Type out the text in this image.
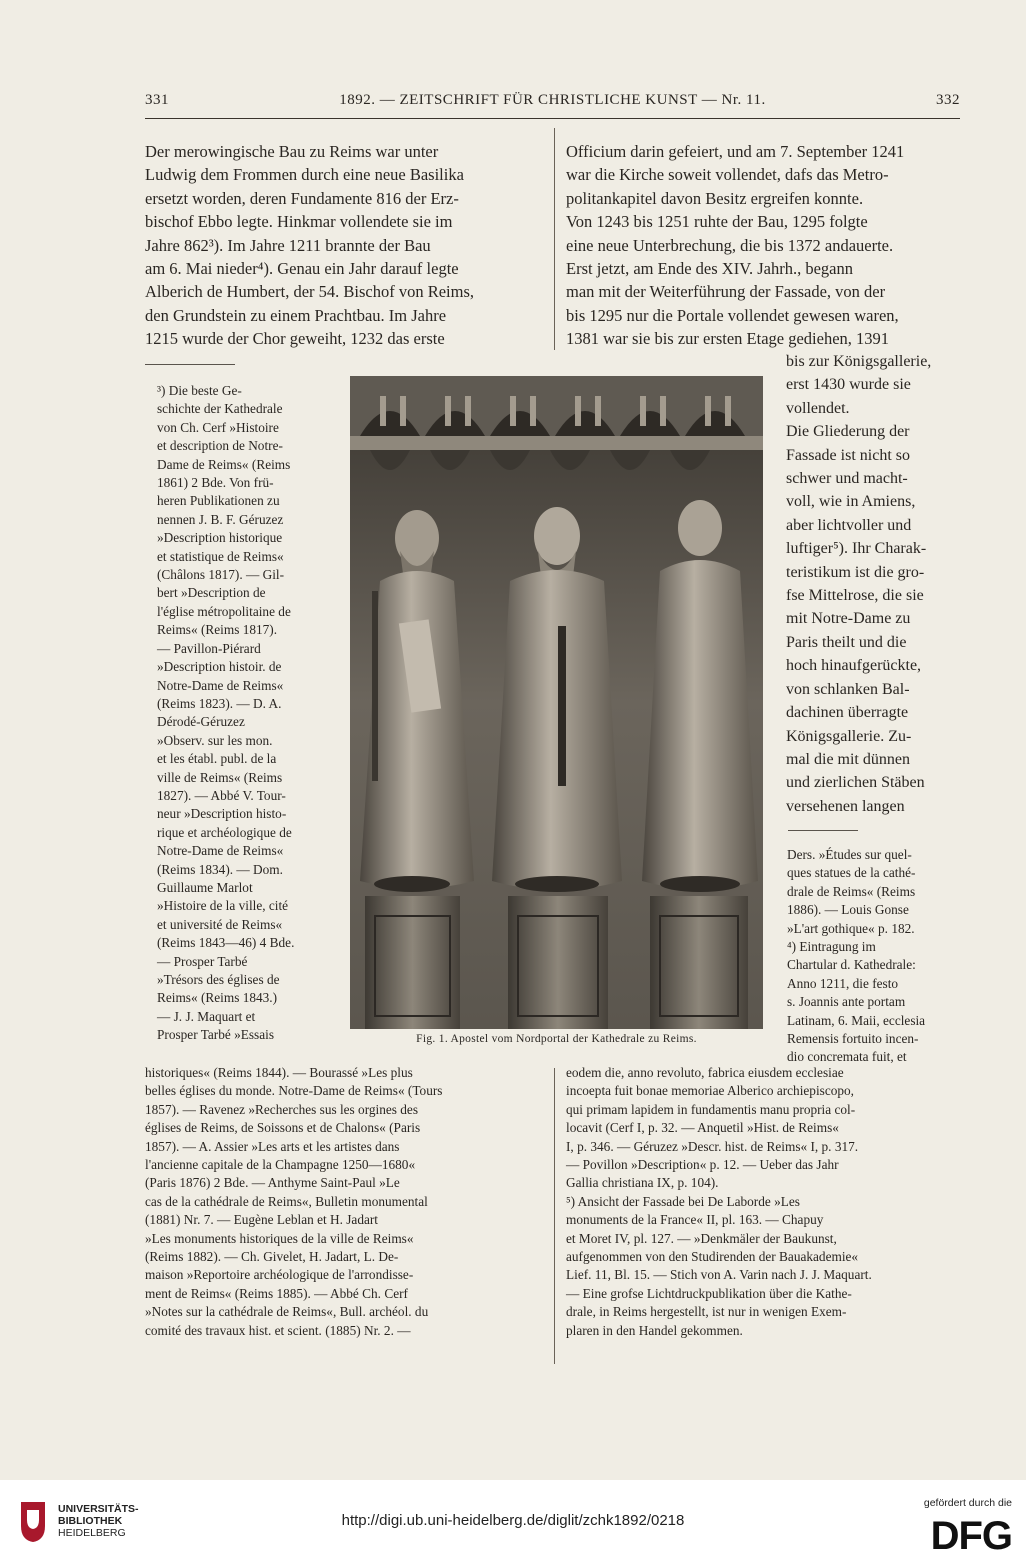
331	1892. — ZEITSCHRIFT FÜR CHRISTLICHE KUNST — Nr. 11.	332

Der merowingische Bau zu Reims war unter

Ludwig dem Frommen durch eine neue Basilika

ersetzt worden, deren Fundamente 816 der Erz-

bischof Ebbo legte. Hinkmar vollendete sie im

Jahre 862³). Im Jahre 1211 brannte der Bau

am 6. Mai nieder⁴). Genau ein Jahr darauf legte

Alberich de Humbert, der 54. Bischof von Reims,

den Grundstein zu einem Prachtbau. Im Jahre

1215 wurde der Chor geweiht, 1232 das erste

Officium darin gefeiert, und am 7. September 1241

war die Kirche soweit vollendet, dafs das Metro-

politankapitel davon Besitz ergreifen konnte.

Von 1243 bis 1251 ruhte der Bau, 1295 folgte

eine neue Unterbrechung, die bis 1372 andauerte.

Erst jetzt, am Ende des XIV. Jahrh., begann

man mit der Weiterführung der Fassade, von der

bis 1295 nur die Portale vollendet gewesen waren,

1381 war sie bis zur ersten Etage gediehen, 1391

bis zur Königsgallerie,

erst 1430 wurde sie

vollendet.

Die Gliederung der

Fassade ist nicht so

schwer und macht-

voll, wie in Amiens,

aber lichtvoller und

luftiger⁵). Ihr Charak-

teristikum ist die gro-

fse Mittelrose, die sie

mit Notre-Dame zu

Paris theilt und die

hoch hinaufgerückte,

von schlanken Bal-

dachinen überragte

Königsgallerie. Zu-

mal die mit dünnen

und zierlichen Stäben

versehenen langen

³) Die beste Ge-

schichte der Kathedrale

von Ch. Cerf »Histoire

et description de Notre-

Dame de Reims« (Reims

1861) 2 Bde. Von frü-

heren Publikationen zu

nennen J. B. F. Géruzez

»Description historique

et statistique de Reims«

(Châlons 1817). — Gil-

bert »Description de

l'église métropolitaine de

Reims« (Reims 1817).

— Pavillon-Piérard

»Description histoir. de

Notre-Dame de Reims«

(Reims 1823). — D. A.

Dérodé-Géruzez

»Observ. sur les mon.

et les établ. publ. de la

ville de Reims« (Reims

1827). — Abbé V. Tour-

neur »Description histo-

rique et archéologique de

Notre-Dame de Reims«

(Reims 1834). — Dom.

Guillaume Marlot

»Histoire de la ville, cité

et université de Reims«

(Reims 1843—46) 4 Bde.

— Prosper Tarbé

»Trésors des églises de

Reims« (Reims 1843.)

— J. J. Maquart et

Prosper Tarbé »Essais

Ders. »Études sur quel-

ques statues de la cathé-

drale de Reims« (Reims

1886). — Louis Gonse

»L'art gothique« p. 182.

⁴) Eintragung im

Chartular d. Kathedrale:

Anno 1211, die festo

s. Joannis ante portam

Latinam, 6. Maii, ecclesia

Remensis fortuito incen-

dio concremata fuit, et

Fig. 1. Apostel vom Nordportal der Kathedrale zu Reims.

historiques« (Reims 1844). — Bourassé »Les plus

belles églises du monde. Notre-Dame de Reims« (Tours

1857). — Ravenez »Recherches sus les orgines des

églises de Reims, de Soissons et de Chalons« (Paris

1857). — A. Assier »Les arts et les artistes dans

l'ancienne capitale de la Champagne 1250—1680«

(Paris 1876) 2 Bde. — Anthyme Saint-Paul »Le

cas de la cathédrale de Reims«, Bulletin monumental

(1881) Nr. 7. — Eugène Leblan et H. Jadart

»Les monuments historiques de la ville de Reims«

(Reims 1882). — Ch. Givelet, H. Jadart, L. De-

maison »Reportoire archéologique de l'arrondisse-

ment de Reims« (Reims 1885). — Abbé Ch. Cerf

»Notes sur la cathédrale de Reims«, Bull. archéol. du

comité des travaux hist. et scient. (1885) Nr. 2. —

eodem die, anno revoluto, fabrica eiusdem ecclesiae

incoepta fuit bonae memoriae Alberico archiepiscopo,

qui primam lapidem in fundamentis manu propria col-

locavit (Cerf I, p. 32. — Anquetil »Hist. de Reims«

I, p. 346. — Géruzez »Descr. hist. de Reims« I, p. 317.

— Povillon »Description« p. 12. — Ueber das Jahr

Gallia christiana IX, p. 104).

⁵) Ansicht der Fassade bei De Laborde »Les

monuments de la France« II, pl. 163. — Chapuy

et Moret IV, pl. 127. — »Denkmäler der Baukunst,

aufgenommen von den Studirenden der Bauakademie«

Lief. 11, Bl. 15. — Stich von A. Varin nach J. J. Maquart.

— Eine grofse Lichtdruckpublikation über die Kathe-

drale, in Reims hergestellt, ist nur in wenigen Exem-

plaren in den Handel gekommen.

UNIVERSITÄTS-
BIBLIOTHEK
HEIDELBERG
http://digi.ub.uni-heidelberg.de/diglit/zchk1892/0218
gefördert durch die
DFG
